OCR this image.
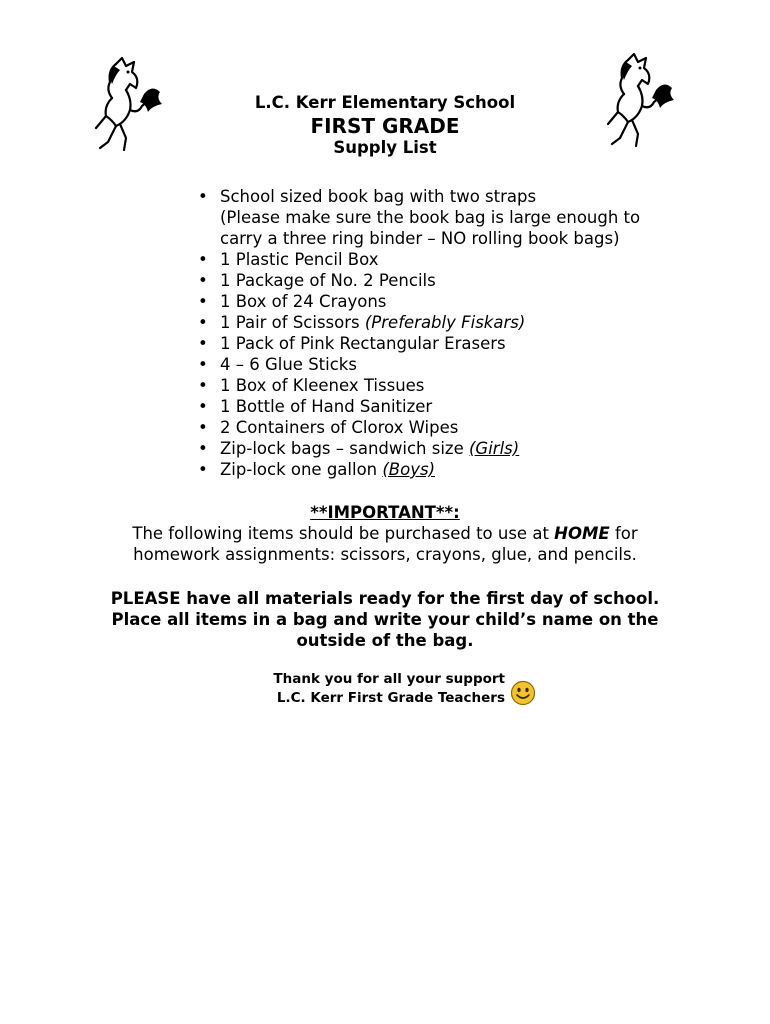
L.C. Kerr Elementary School
FIRST GRADE
Supply List
• School sized book bag with two straps
(Please make sure the book bag is large enough to
carry a three ring binder – NO rolling book bags)
• 1 Plastic Pencil Box
• 1 Package of No. 2 Pencils
• 1 Box of 24 Crayons
• 1 Pair of Scissors (Preferably Fiskars)
• 1 Pack of Pink Rectangular Erasers
• 4 – 6 Glue Sticks
• 1 Box of Kleenex Tissues
• 1 Bottle of Hand Sanitizer
• 2 Containers of Clorox Wipes
• Zip-lock bags – sandwich size (Girls)
• Zip-lock one gallon (Boys)
**IMPORTANT**:
The following items should be purchased to use at HOME for
homework assignments: scissors, crayons, glue, and pencils.
PLEASE have all materials ready for the first day of school.
Place all items in a bag and write your child’s name on the
outside of the bag.
Thank you for all your support
L.C. Kerr First Grade Teachers
